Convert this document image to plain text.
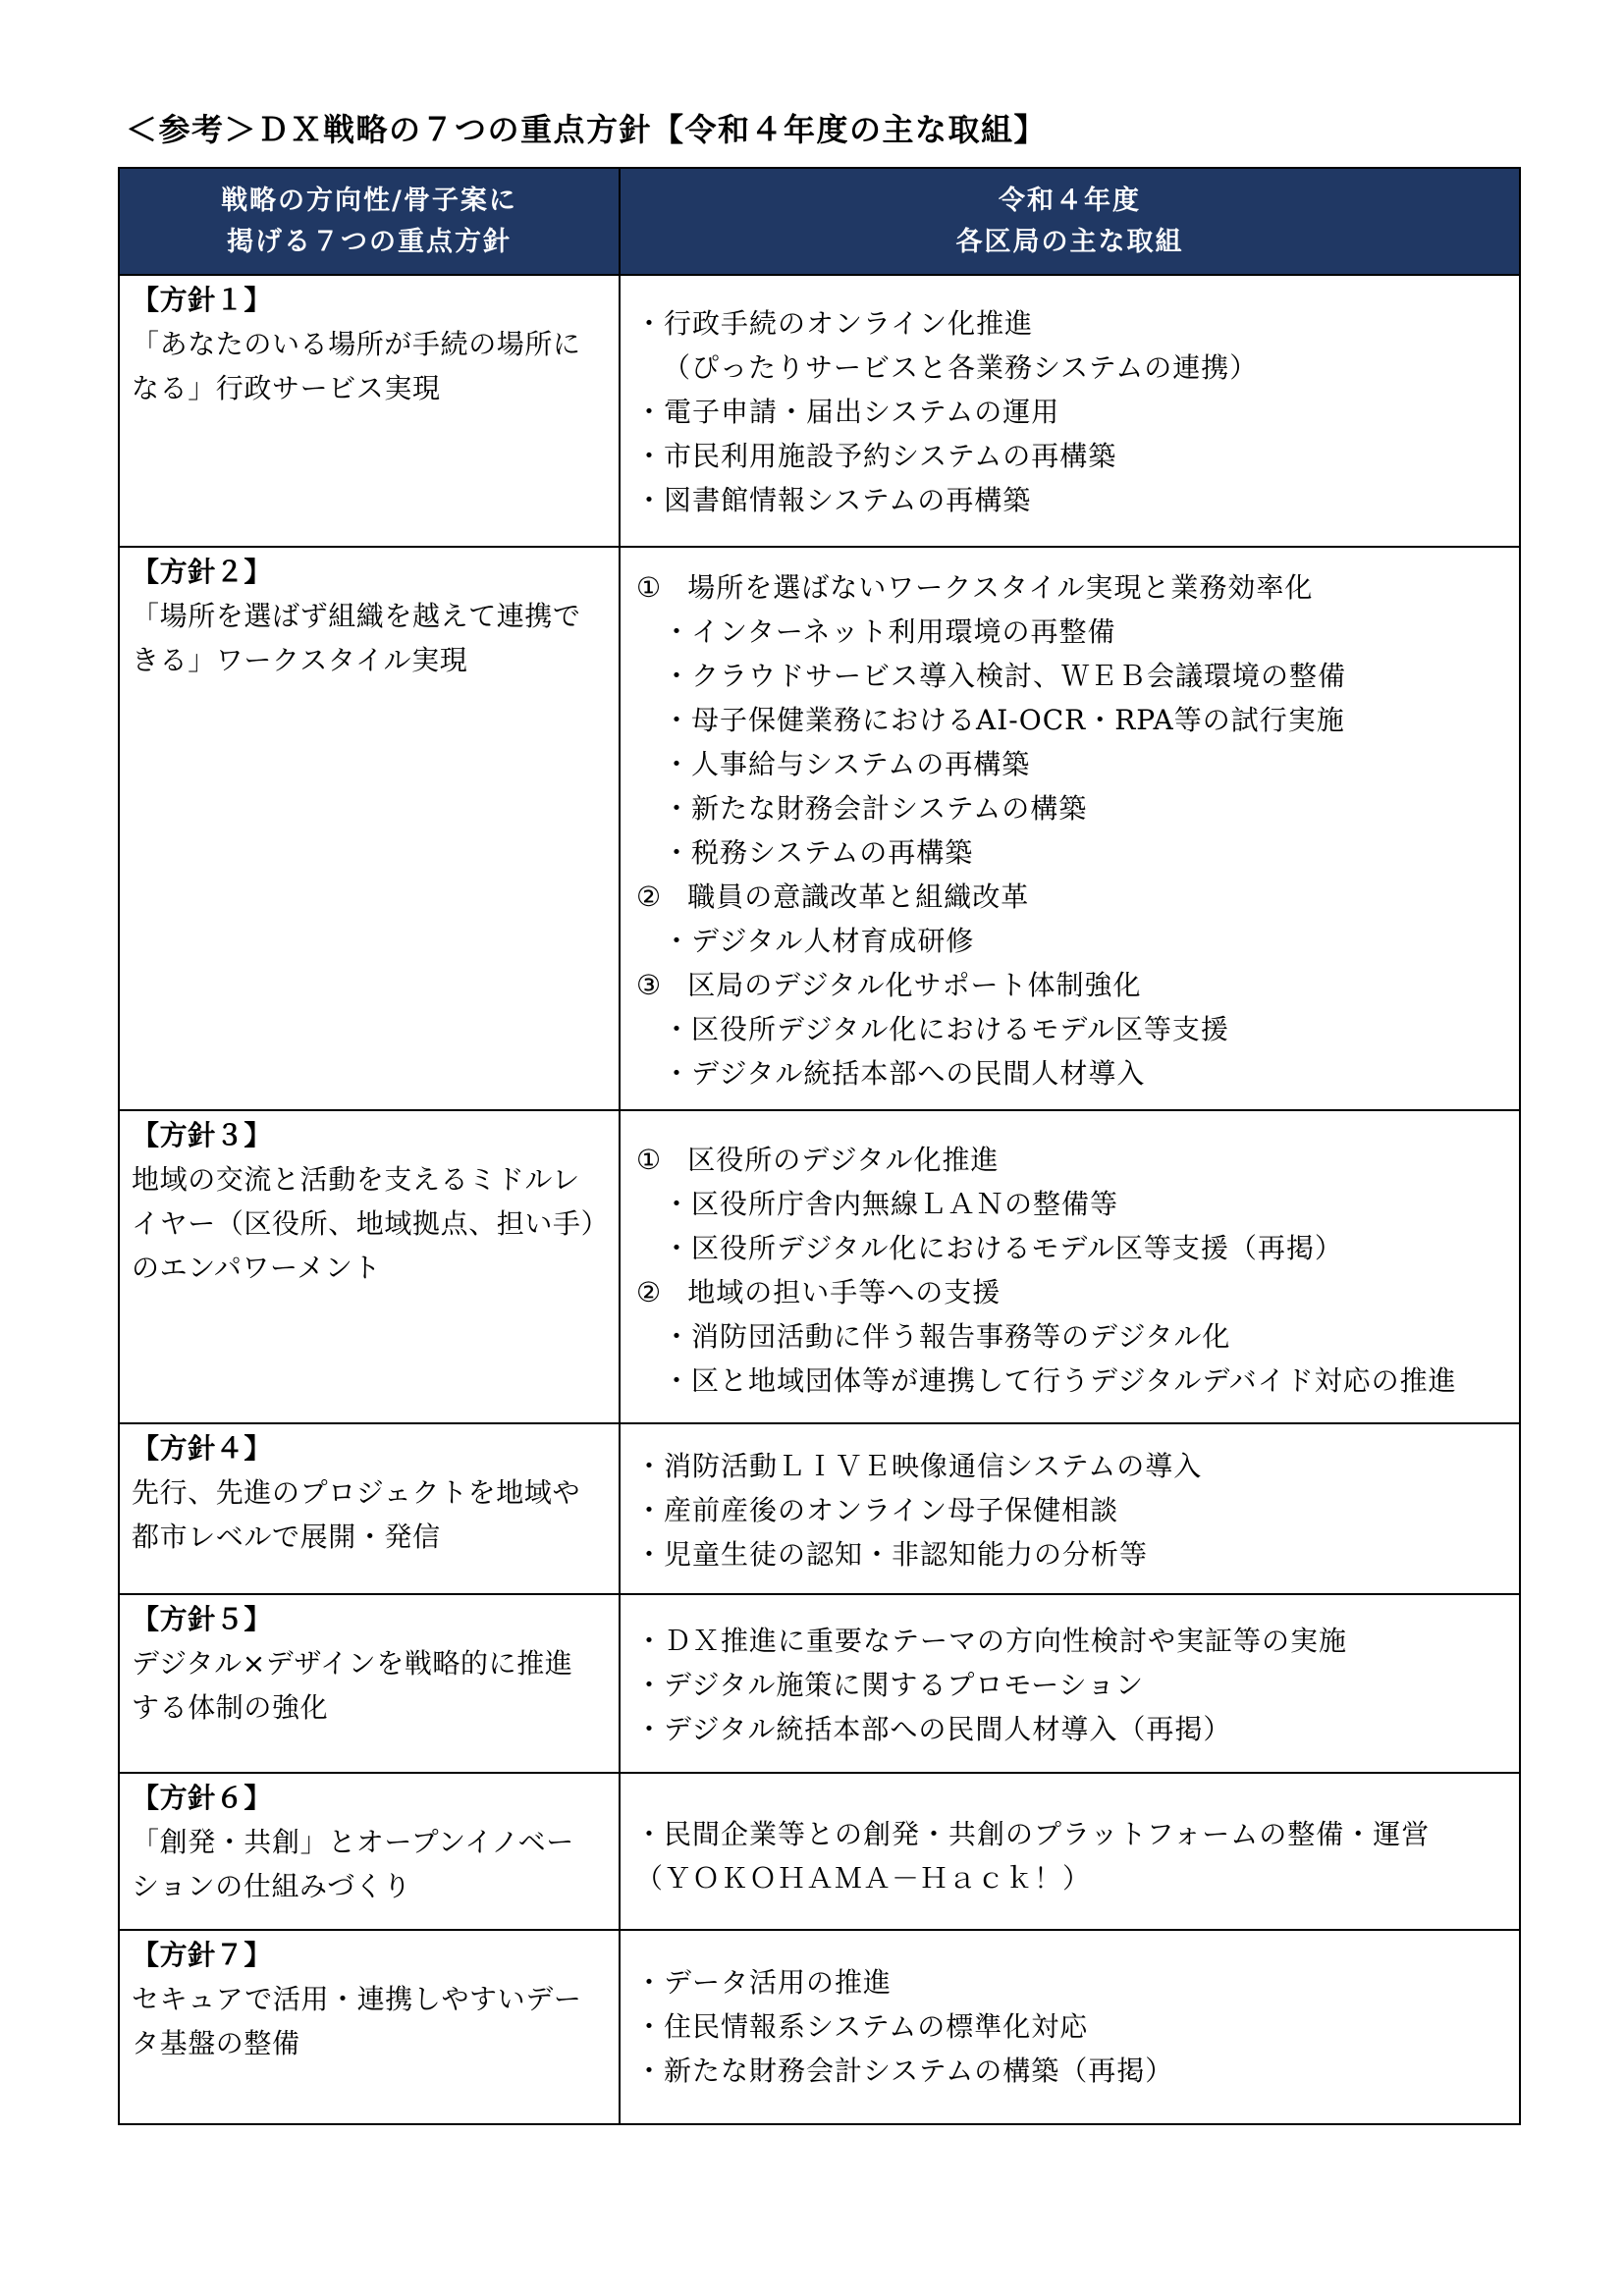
＜参考＞ＤＸ戦略の７つの重点方針【令和４年度の主な取組】
戦略の方向性/骨子案に
掲げる７つの重点方針
令和４年度
各区局の主な取組
【方針１】
「あなたのいる場所が手続の場所に
なる」行政サービス実現
・行政手続のオンライン化推進
（ぴったりサービスと各業務システムの連携）
・電子申請・届出システムの運用
・市民利用施設予約システムの再構築
・図書館情報システムの再構築
【方針２】
「場所を選ばず組織を越えて連携で
きる」ワークスタイル実現
① 場所を選ばないワークスタイル実現と業務効率化
・インターネット利用環境の再整備
・クラウドサービス導入検討、ＷＥＢ会議環境の整備
・母子保健業務におけるAI-OCR・RPA等の試行実施
・人事給与システムの再構築
・新たな財務会計システムの構築
・税務システムの再構築
② 職員の意識改革と組織改革
・デジタル人材育成研修
③ 区局のデジタル化サポート体制強化
・区役所デジタル化におけるモデル区等支援
・デジタル統括本部への民間人材導入
【方針３】
地域の交流と活動を支えるミドルレ
イヤー（区役所、地域拠点、担い手）
のエンパワーメント
① 区役所のデジタル化推進
・区役所庁舎内無線ＬＡＮの整備等
・区役所デジタル化におけるモデル区等支援（再掲）
② 地域の担い手等への支援
・消防団活動に伴う報告事務等のデジタル化
・区と地域団体等が連携して行うデジタルデバイド対応の推進
【方針４】
先行、先進のプロジェクトを地域や
都市レベルで展開・発信
・消防活動ＬＩＶＥ映像通信システムの導入
・産前産後のオンライン母子保健相談
・児童生徒の認知・非認知能力の分析等
【方針５】
デジタル×デザインを戦略的に推進
する体制の強化
・ＤＸ推進に重要なテーマの方向性検討や実証等の実施
・デジタル施策に関するプロモーション
・デジタル統括本部への民間人材導入（再掲）
【方針６】
「創発・共創」とオープンイノベー
ションの仕組みづくり
・民間企業等との創発・共創のプラットフォームの整備・運営
（ＹＯＫＯＨＡＭＡ－Ｈａｃｋ！）
【方針７】
セキュアで活用・連携しやすいデー
タ基盤の整備
・データ活用の推進
・住民情報系システムの標準化対応
・新たな財務会計システムの構築（再掲）
